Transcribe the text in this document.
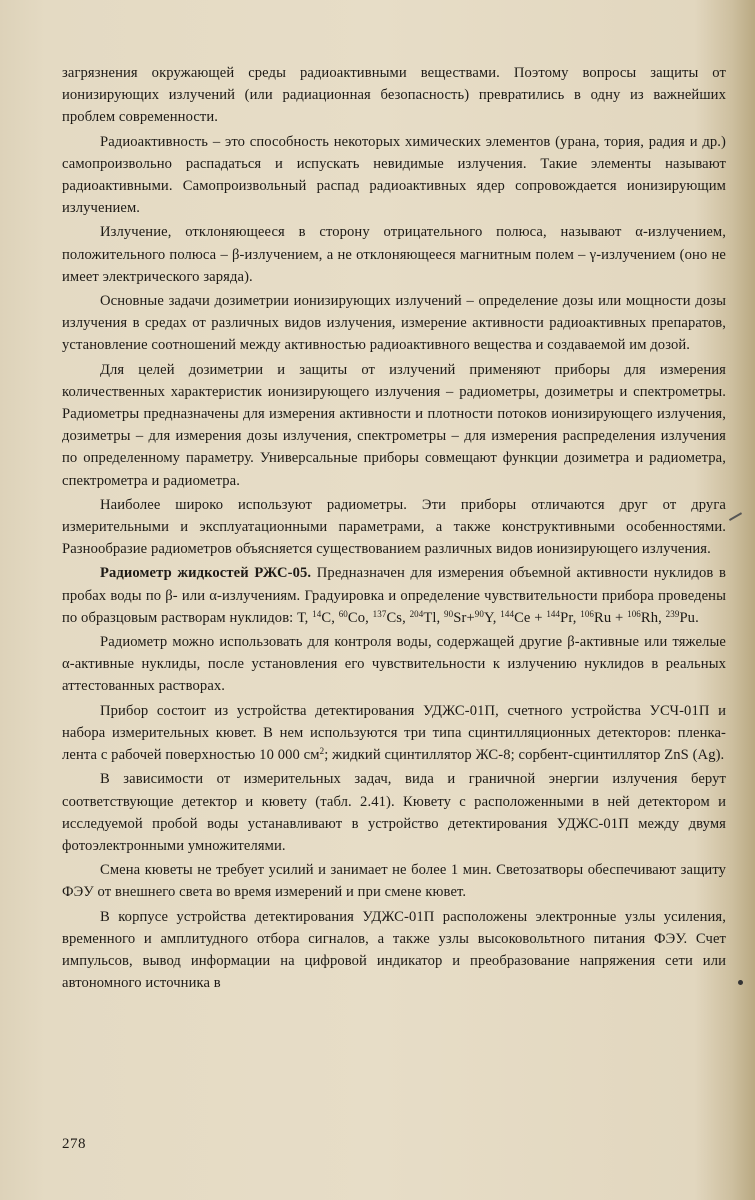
загрязнения окружающей среды радиоактивными веществами. Поэтому вопросы защиты от ионизирующих излучений (или радиационная безопасность) превратились в одну из важнейших проблем современности.

Радиоактивность – это способность некоторых химических элементов (урана, тория, радия и др.) самопроизвольно распадаться и испускать невидимые излучения. Такие элементы называют радиоактивными. Самопроизвольный распад радиоактивных ядер сопровождается ионизирующим излучением.

Излучение, отклоняющееся в сторону отрицательного полюса, называют α-излучением, положительного полюса – β-излучением, а не отклоняющееся магнитным полем – γ-излучением (оно не имеет электрического заряда).

Основные задачи дозиметрии ионизирующих излучений – определение дозы или мощности дозы излучения в средах от различных видов излучения, измерение активности радиоактивных препаратов, установление соотношений между активностью радиоактивного вещества и создаваемой им дозой.

Для целей дозиметрии и защиты от излучений применяют приборы для измерения количественных характеристик ионизирующего излучения – радиометры, дозиметры и спектрометры. Радиометры предназначены для измерения активности и плотности потоков ионизирующего излучения, дозиметры – для измерения дозы излучения, спектрометры – для измерения распределения излучения по определенному параметру. Универсальные приборы совмещают функции дозиметра и радиометра, спектрометра и радиометра.

Наиболее широко используют радиометры. Эти приборы отличаются друг от друга измерительными и эксплуатационными параметрами, а также конструктивными особенностями. Разнообразие радиометров объясняется существованием различных видов ионизирующего излучения.

Радиометр жидкостей РЖС-05. Предназначен для измерения объемной активности нуклидов в пробах воды по β- или α-излучениям. Градуировка и определение чувствительности прибора проведены по образцовым растворам нуклидов: Т, $^{14}$C, $^{60}$Co, $^{137}$Cs, $^{204}$Tl, $^{90}$Sr+$^{90}$Y, $^{144}$Ce + $^{144}$Pr, $^{106}$Ru + $^{106}$Rh, $^{239}$Pu.

Радиометр можно использовать для контроля воды, содержащей другие β-активные или тяжелые α-активные нуклиды, после установления его чувствительности к излучению нуклидов в реальных аттестованных растворах.

Прибор состоит из устройства детектирования УДЖС-01П, счетного устройства УСЧ-01П и набора измерительных кювет. В нем используются три типа сцинтилляционных детекторов: пленка-лента с рабочей поверхностью 10 000 $см^2$; жидкий сцинтиллятор ЖС-8; сорбент-сцинтиллятор ZnS (Ag).

В зависимости от измерительных задач, вида и граничной энергии излучения берут соответствующие детектор и кювету (табл. 2.41). Кювету с расположенными в ней детектором и исследуемой пробой воды устанавливают в устройство детектирования УДЖС-01П между двумя фотоэлектронными умножителями.

Смена кюветы не требует усилий и занимает не более 1 мин. Светозатворы обеспечивают защиту ФЭУ от внешнего света во время измерений и при смене кювет.

В корпусе устройства детектирования УДЖС-01П расположены электронные узлы усиления, временного и амплитудного отбора сигналов, а также узлы высоковольтного питания ФЭУ. Счет импульсов, вывод информации на цифровой индикатор и преобразование напряжения сети или автономного источника в

278
